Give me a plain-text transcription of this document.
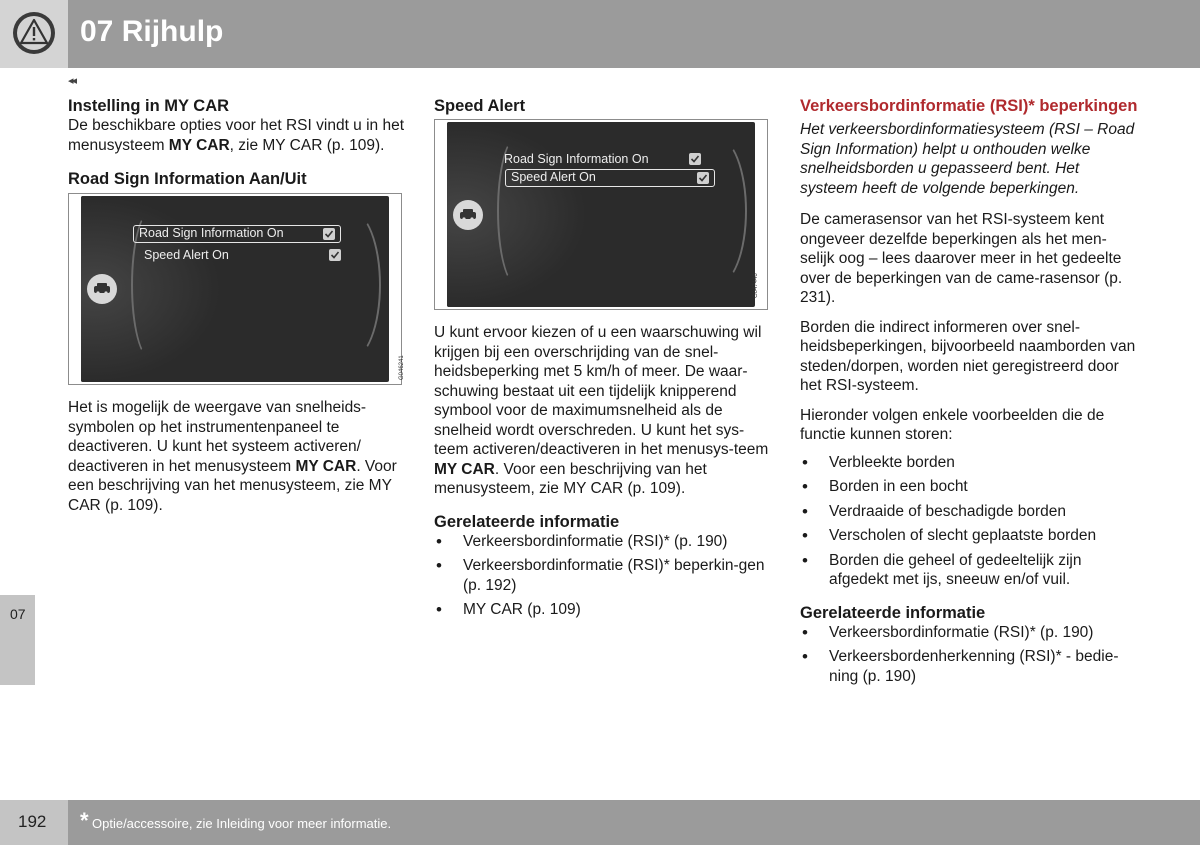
07 Rijhulp
◂◂
Instelling in MY CAR

De beschikbare opties voor het RSI vindt u in het menusysteem MY CAR, zie MY CAR (p. 109).

Road Sign Information Aan/Uit
Road Sign Information On
Speed Alert On
G046241

Het is mogelijk de weergave van snelheids-symbolen op het instrumentenpaneel te deactiveren. U kunt het systeem activeren/ deactiveren in het menusysteem MY CAR. Voor een beschrijving van het menusysteem, zie MY CAR (p. 109).

Speed Alert
Road Sign Information On
Speed Alert On
G047446

U kunt ervoor kiezen of u een waarschuwing wil krijgen bij een overschrijding van de snel-heidsbeperking met 5 km/h of meer. De waar-schuwing bestaat uit een tijdelijk knipperend symbool voor de maximumsnelheid als de snelheid wordt overschreden. U kunt het sys-teem activeren/deactiveren in het menusys-teem MY CAR. Voor een beschrijving van het menusysteem, zie MY CAR (p. 109).

Gerelateerde informatie
• Verkeersbordinformatie (RSI)* (p. 190)
• Verkeersbordinformatie (RSI)* beperkin-gen (p. 192)
• MY CAR (p. 109)
Verkeersbordinformatie (RSI)* beperkingen

Het verkeersbordinformatiesysteem (RSI – Road Sign Information) helpt u onthouden welke snelheidsborden u gepasseerd bent. Het systeem heeft de volgende beperkingen.

De camerasensor van het RSI-systeem kent ongeveer dezelfde beperkingen als het men-selijk oog – lees daarover meer in het gedeelte over de beperkingen van de came-rasensor (p. 231).

Borden die indirect informeren over snel-heidsbeperkingen, bijvoorbeeld naamborden van steden/dorpen, worden niet geregistreerd door het RSI-systeem.

Hieronder volgen enkele voorbeelden die de functie kunnen storen:

• Verbleekte borden
• Borden in een bocht
• Verdraaide of beschadigde borden
• Verscholen of slecht geplaatste borden
• Borden die geheel of gedeeltelijk zijn afgedekt met ijs, sneeuw en/of vuil.
Gerelateerde informatie
• Verkeersbordinformatie (RSI)* (p. 190)
• Verkeersbordenherkenning (RSI)* - bedie-ning (p. 190)
07
192 * Optie/accessoire, zie Inleiding voor meer informatie.
